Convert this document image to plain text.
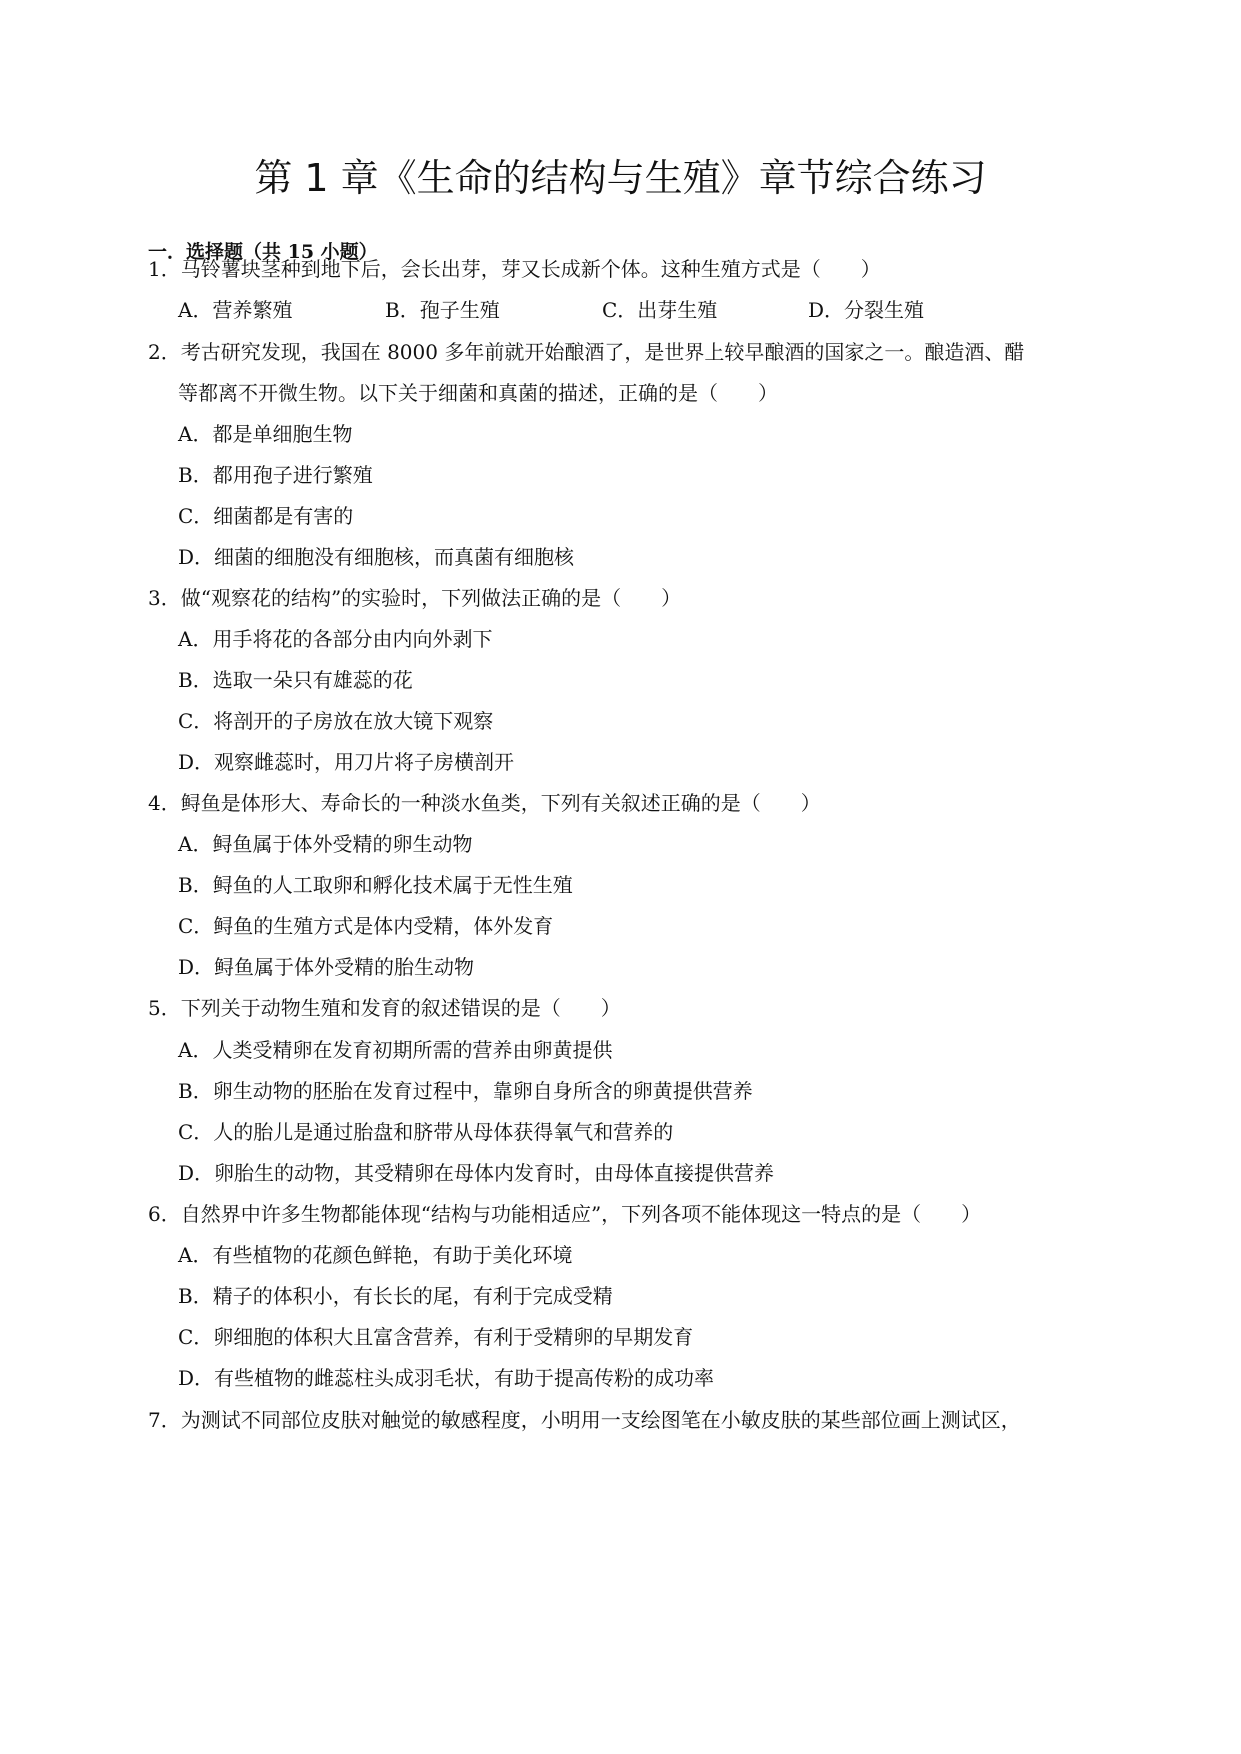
第 1 章《生命的结构与生殖》章节综合练习
一．选择题（共 15 小题）
1．马铃薯块茎种到地下后，会长出芽，芽又长成新个体。这种生殖方式是（　　）
A．营养繁殖	B．孢子生殖	C．出芽生殖	D．分裂生殖
2．考古研究发现，我国在 8000 多年前就开始酿酒了，是世界上较早酿酒的国家之一。酿造酒、醋
等都离不开微生物。以下关于细菌和真菌的描述，正确的是（　　）
A．都是单细胞生物
B．都用孢子进行繁殖
C．细菌都是有害的
D．细菌的细胞没有细胞核，而真菌有细胞核
3．做“观察花的结构”的实验时，下列做法正确的是（　　）
A．用手将花的各部分由内向外剥下
B．选取一朵只有雄蕊的花
C．将剖开的子房放在放大镜下观察
D．观察雌蕊时，用刀片将子房横剖开
4．鲟鱼是体形大、寿命长的一种淡水鱼类，下列有关叙述正确的是（　　）
A．鲟鱼属于体外受精的卵生动物
B．鲟鱼的人工取卵和孵化技术属于无性生殖
C．鲟鱼的生殖方式是体内受精，体外发育
D．鲟鱼属于体外受精的胎生动物
5．下列关于动物生殖和发育的叙述错误的是（　　）
A．人类受精卵在发育初期所需的营养由卵黄提供
B．卵生动物的胚胎在发育过程中，靠卵自身所含的卵黄提供营养
C．人的胎儿是通过胎盘和脐带从母体获得氧气和营养的
D．卵胎生的动物，其受精卵在母体内发育时，由母体直接提供营养
6．自然界中许多生物都能体现“结构与功能相适应”，下列各项不能体现这一特点的是（　　）
A．有些植物的花颜色鲜艳，有助于美化环境
B．精子的体积小，有长长的尾，有利于完成受精
C．卵细胞的体积大且富含营养，有利于受精卵的早期发育
D．有些植物的雌蕊柱头成羽毛状，有助于提高传粉的成功率
7．为测试不同部位皮肤对触觉的敏感程度，小明用一支绘图笔在小敏皮肤的某些部位画上测试区，
